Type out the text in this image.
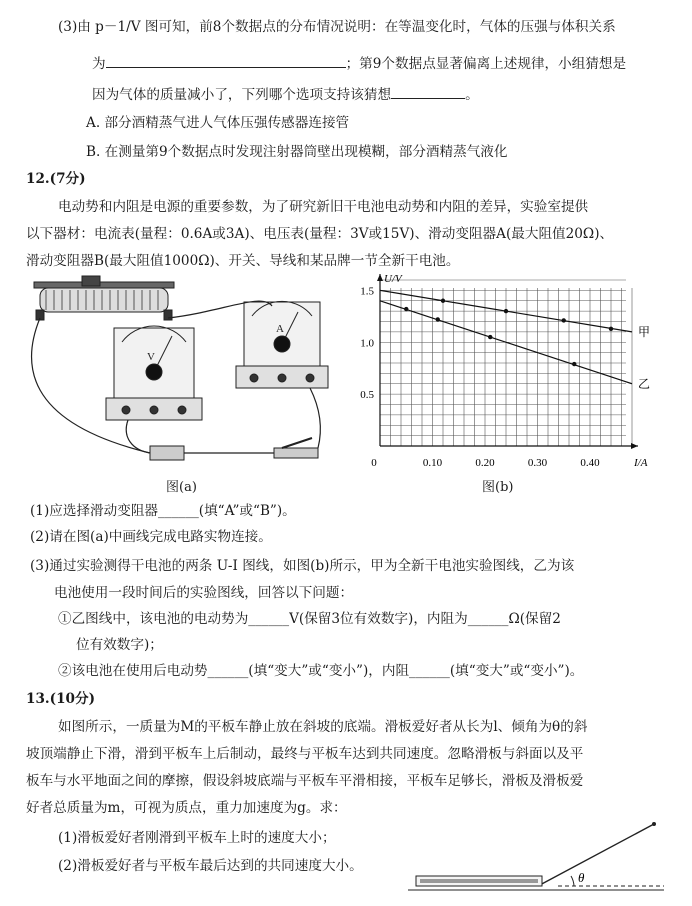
(3)由 p－1/V 图可知，前8个数据点的分布情况说明：在等温变化时，气体的压强与体积关系
为	；第9个数据点显著偏离上述规律，小组猜想是
因为气体的质量减小了，下列哪个选项支持该猜想	。
A. 部分酒精蒸气进人气体压强传感器连接管
B. 在测量第9个数据点时发现注射器筒壁出现模糊，部分酒精蒸气液化
12.(7分)
电动势和内阻是电源的重要参数，为了研究新旧干电池电动势和内阻的差异，实验室提供
以下器材：电流表(量程：0.6A或3A)、电压表(量程：3V或15V)、滑动变阻器A(最大阻值20Ω)、
滑动变阻器B(最大阻值1000Ω)、开关、导线和某品牌一节全新干电池。
V
A
图(a)
0.10	0.20	0.30	0.40
0.5
1.0
1.5
0	I/A
U/V
甲
乙
图(b)
(1)应选择滑动变阻器______(填“A”或“B”)。
(2)请在图(a)中画线完成电路实物连接。
(3)通过实验测得干电池的两条 U-I 图线，如图(b)所示，甲为全新干电池实验图线，乙为该
电池使用一段时间后的实验图线，回答以下问题：
①乙图线中，该电池的电动势为______V(保留3位有效数字)，内阻为______Ω(保留2
位有效数字)；
②该电池在使用后电动势______(填“变大”或“变小”)，内阻______(填“变大”或“变小”)。
13.(10分)
如图所示，一质量为M的平板车静止放在斜坡的底端。滑板爱好者从长为l、倾角为θ的斜
坡顶端静止下滑，滑到平板车上后制动，最终与平板车达到共同速度。忽略滑板与斜面以及平
板车与水平地面之间的摩擦，假设斜坡底端与平板车平滑相接，平板车足够长，滑板及滑板爱
好者总质量为m，可视为质点，重力加速度为g。求：
(1)滑板爱好者刚滑到平板车上时的速度大小；
(2)滑板爱好者与平板车最后达到的共同速度大小。
θ
